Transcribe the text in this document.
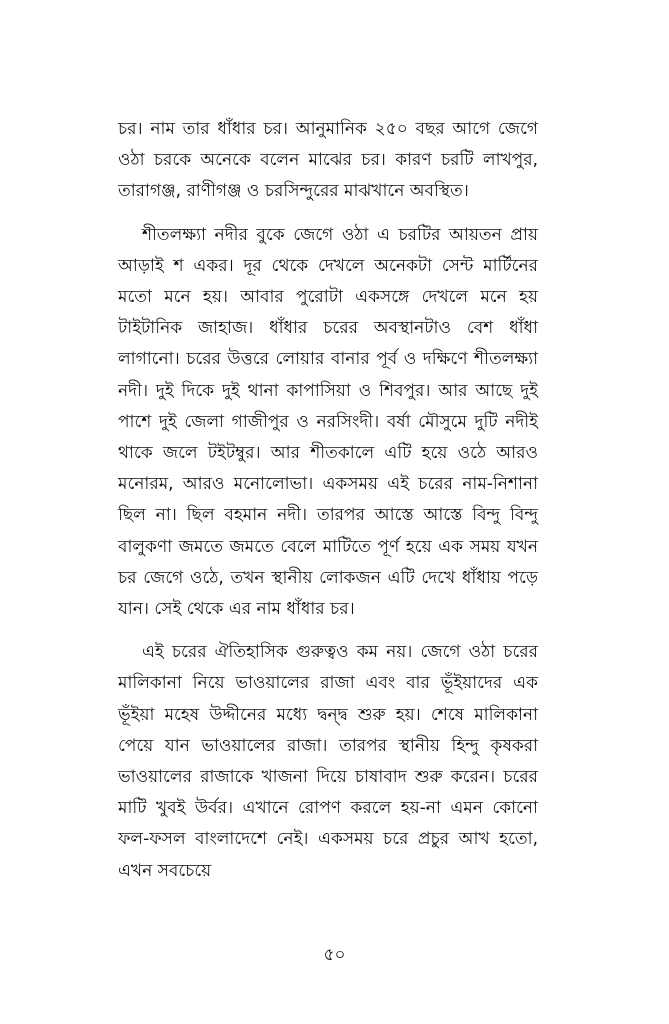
চর। নাম তার ধাঁধার চর। আনুমানিক ২৫০ বছর আগে জেগে ওঠা চরকে অনেকে বলেন মাঝের চর। কারণ চরটি লাখপুর, তারাগঞ্জ, রাণীগঞ্জ ও চরসিন্দুরের মাঝখানে অবস্থিত।

শীতলক্ষ্যা নদীর বুকে জেগে ওঠা এ চরটির আয়তন প্রায় আড়াই শ একর। দূর থেকে দেখলে অনেকটা সেন্ট মার্টিনের মতো মনে হয়। আবার পুরোটা একসঙ্গে দেখলে মনে হয় টাইটানিক জাহাজ। ধাঁধার চরের অবস্থানটাও বেশ ধাঁধা লাগানো। চরের উত্তরে লোয়ার বানার পূর্ব ও দক্ষিণে শীতলক্ষ্যা নদী। দুই দিকে দুই থানা কাপাসিয়া ও শিবপুর। আর আছে দুই পাশে দুই জেলা গাজীপুর ও নরসিংদী। বর্ষা মৌসুমে দুটি নদীই থাকে জলে টইটম্বুর। আর শীতকালে এটি হয়ে ওঠে আরও মনোরম, আরও মনোলোভা। একসময় এই চরের নাম-নিশানা ছিল না। ছিল বহমান নদী। তারপর আস্তে আস্তে বিন্দু বিন্দু বালুকণা জমতে জমতে বেলে মাটিতে পূর্ণ হয়ে এক সময় যখন চর জেগে ওঠে, তখন স্থানীয় লোকজন এটি দেখে ধাঁধায় পড়ে যান। সেই থেকে এর নাম ধাঁধার চর।

এই চরের ঐতিহাসিক গুরুত্বও কম নয়। জেগে ওঠা চরের মালিকানা নিয়ে ভাওয়ালের রাজা এবং বার ভূঁইয়াদের এক ভূঁইয়া মহেষ উদ্দীনের মধ্যে দ্বন্দ্ব শুরু হয়। শেষে মালিকানা পেয়ে যান ভাওয়ালের রাজা। তারপর স্থানীয় হিন্দু কৃষকরা ভাওয়ালের রাজাকে খাজনা দিয়ে চাষাবাদ শুরু করেন। চরের মাটি খুবই উর্বর। এখানে রোপণ করলে হয়-না এমন কোনো ফল-ফসল বাংলাদেশে নেই। একসময় চরে প্রচুর আখ হতো, এখন সবচেয়ে

৫০
